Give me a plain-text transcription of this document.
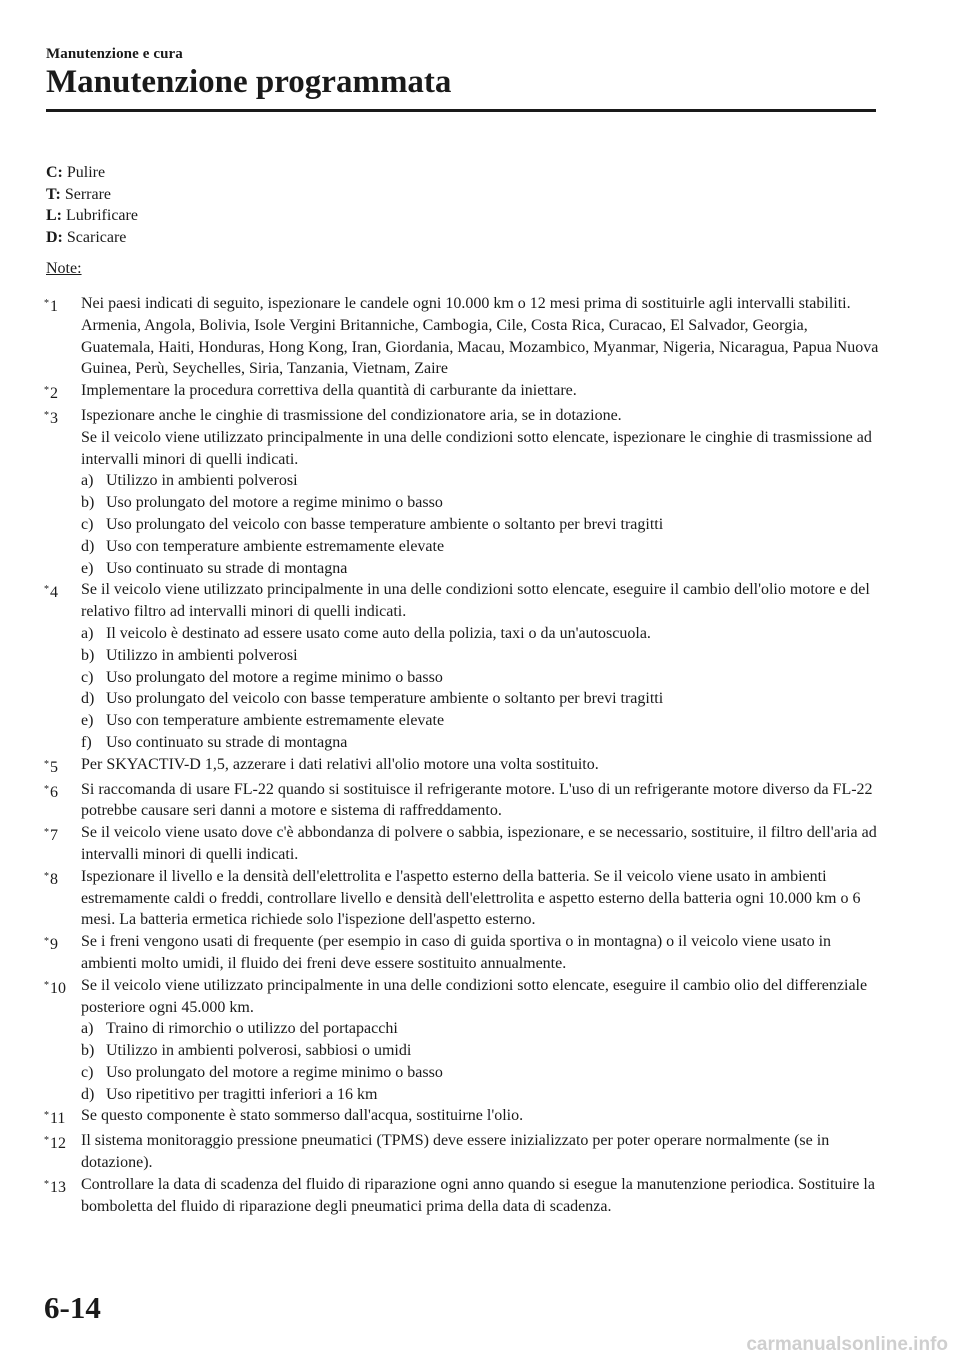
Manutenzione e cura
Manutenzione programmata
C: Pulire
T: Serrare
L: Lubrificare
D: Scaricare
Note:
*1	Nei paesi indicati di seguito, ispezionare le candele ogni 10.000 km o 12 mesi prima di sostituirle agli intervalli stabiliti.
Armenia, Angola, Bolivia, Isole Vergini Britanniche, Cambogia, Cile, Costa Rica, Curacao, El Salvador, Georgia, Guatemala, Haiti, Honduras, Hong Kong, Iran, Giordania, Macau, Mozambico, Myanmar, Nigeria, Nicaragua, Papua Nuova Guinea, Perù, Seychelles, Siria, Tanzania, Vietnam, Zaire
*2	Implementare la procedura correttiva della quantità di carburante da iniettare.
*3	Ispezionare anche le cinghie di trasmissione del condizionatore aria, se in dotazione.
Se il veicolo viene utilizzato principalmente in una delle condizioni sotto elencate, ispezionare le cinghie di trasmissione ad intervalli minori di quelli indicati.
a) Utilizzo in ambienti polverosi
b) Uso prolungato del motore a regime minimo o basso
c) Uso prolungato del veicolo con basse temperature ambiente o soltanto per brevi tragitti
d) Uso con temperature ambiente estremamente elevate
e) Uso continuato su strade di montagna
*4	Se il veicolo viene utilizzato principalmente in una delle condizioni sotto elencate, eseguire il cambio dell'olio motore e del relativo filtro ad intervalli minori di quelli indicati.
a) Il veicolo è destinato ad essere usato come auto della polizia, taxi o da un'autoscuola.
b) Utilizzo in ambienti polverosi
c) Uso prolungato del motore a regime minimo o basso
d) Uso prolungato del veicolo con basse temperature ambiente o soltanto per brevi tragitti
e) Uso con temperature ambiente estremamente elevate
f) Uso continuato su strade di montagna
*5	Per SKYACTIV-D 1,5, azzerare i dati relativi all'olio motore una volta sostituito.
*6	Si raccomanda di usare FL-22 quando si sostituisce il refrigerante motore. L'uso di un refrigerante motore diverso da FL-22 potrebbe causare seri danni a motore e sistema di raffreddamento.
*7	Se il veicolo viene usato dove c'è abbondanza di polvere o sabbia, ispezionare, e se necessario, sostituire, il filtro dell'aria ad intervalli minori di quelli indicati.
*8	Ispezionare il livello e la densità dell'elettrolita e l'aspetto esterno della batteria. Se il veicolo viene usato in ambienti estremamente caldi o freddi, controllare livello e densità dell'elettrolita e aspetto esterno della batteria ogni 10.000 km o 6 mesi. La batteria ermetica richiede solo l'ispezione dell'aspetto esterno.
*9	Se i freni vengono usati di frequente (per esempio in caso di guida sportiva o in montagna) o il veicolo viene usato in ambienti molto umidi, il fluido dei freni deve essere sostituito annualmente.
*10 Se il veicolo viene utilizzato principalmente in una delle condizioni sotto elencate, eseguire il cambio olio del differenziale posteriore ogni 45.000 km.
a) Traino di rimorchio o utilizzo del portapacchi
b) Utilizzo in ambienti polverosi, sabbiosi o umidi
c) Uso prolungato del motore a regime minimo o basso
d) Uso ripetitivo per tragitti inferiori a 16 km
*11 Se questo componente è stato sommerso dall'acqua, sostituirne l'olio.
*12 Il sistema monitoraggio pressione pneumatici (TPMS) deve essere inizializzato per poter operare normalmente (se in dotazione).
*13 Controllare la data di scadenza del fluido di riparazione ogni anno quando si esegue la manutenzione periodica. Sostituire la bomboletta del fluido di riparazione degli pneumatici prima della data di scadenza.
6-14
carmanualsonline.info
